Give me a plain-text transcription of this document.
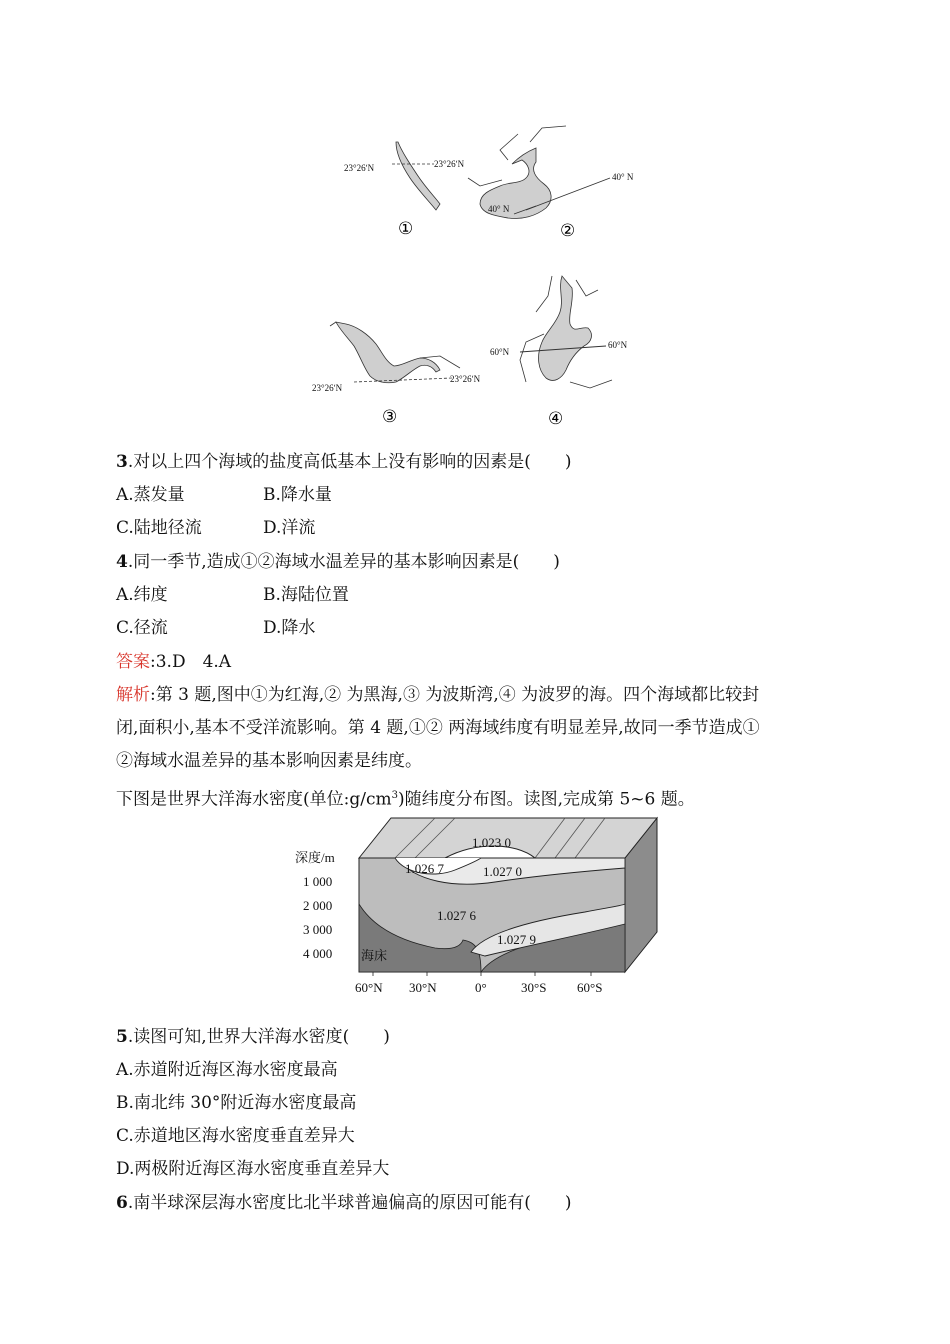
23°26ʹN	23°26ʹN
①
40° N
40° N
②
23°26ʹN
23°26ʹN
③
60°N
60°N
④
3.对以上四个海域的盐度高低基本上没有影响的因素是(　　)
A.蒸发量	B.降水量
C.陆地径流	D.洋流
4.同一季节,造成①②海域水温差异的基本影响因素是(　　)
A.纬度	B.海陆位置
C.径流	D.降水
答案:3.D　4.A
解析:第 3 题,图中①为红海,② 为黑海,③ 为波斯湾,④ 为波罗的海。四个海域都比较封
闭,面积小,基本不受洋流影响。第 4 题,①② 两海域纬度有明显差异,故同一季节造成①
②海域水温差异的基本影响因素是纬度。
下图是世界大洋海水密度(单位$:g/cm^3$)随纬度分布图。读图,完成第 5~6 题。
1.023 0
1.026 7	1.027 0
1.027 6
1.027 9
海床
深度/m
1 000
2 000
3 000
4 000
60°N 30°N	0°	30°S 60°S
5.读图可知,世界大洋海水密度(　　)
A.赤道附近海区海水密度最高
B.南北纬 30°附近海水密度最高
C.赤道地区海水密度垂直差异大
D.两极附近海区海水密度垂直差异大
6.南半球深层海水密度比北半球普遍偏高的原因可能有(　　)
